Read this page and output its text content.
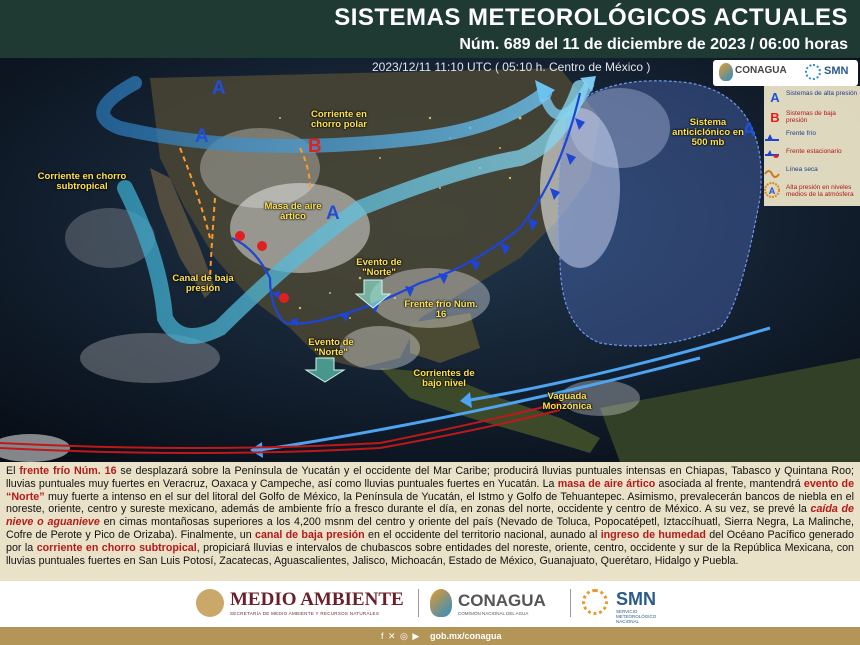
SISTEMAS METEOROLÓGICOS ACTUALES
Núm. 689 del 11 de diciembre de 2023 / 06:00 horas
2023/12/11 11:10 UTC ( 05:10 h. Centro de México )	CONAGUA	SMN
A Sistemas de alta presión
B Sistemas de baja presión
Frente frío
Frente estacionario
Línea seca
A Alta presión en niveles medios de la atmósfera
A
A
A
A
B
Corriente en chorro polar
Corriente en chorro subtropical
Masa de aire ártico
Canal de baja presión
Evento de "Norte"
Evento de "Norte"
Frente frío Núm. 16
Sistema anticiclónico en 500 mb
Corrientes de bajo nivel
Vaguada Monzónica

El frente frío Núm. 16 se desplazará sobre la Península de Yucatán y el occidente del Mar Caribe; producirá lluvias puntuales intensas en Chiapas, Tabasco y Quintana Roo; lluvias puntuales muy fuertes en Veracruz, Oaxaca y Campeche, así como lluvias puntuales fuertes en Yucatán. La masa de aire ártico asociada al frente, mantendrá evento de “Norte” muy fuerte a intenso en el sur del litoral del Golfo de México, la Península de Yucatán, el Istmo y Golfo de Tehuantepec. Asimismo, prevalecerán bancos de niebla en el noreste, oriente, centro y sureste mexicano, además de ambiente frío a fresco durante el día, en zonas del norte, occidente y centro de México. A su vez, se prevé la caída de nieve o aguanieve en cimas montañosas superiores a los 4,200 msnm del centro y oriente del país (Nevado de Toluca, Popocatépetl, Iztaccíhuatl, Sierra Negra, La Malinche, Cofre de Perote y Pico de Orizaba). Finalmente, un canal de baja presión en el occidente del territorio nacional, aunado al ingreso de humedad del Océano Pacífico generado por la corriente en chorro subtropical, propiciará lluvias e intervalos de chubascos sobre entidades del noreste, oriente, centro, occidente y sur de la República Mexicana, con lluvias puntuales fuertes en San Luis Potosí, Zacatecas, Aguascalientes, Jalisco, Michoacán, Estado de México, Guanajuato, Querétaro, Hidalgo y Puebla.

MEDIO AMBIENTE
SECRETARÍA DE MEDIO AMBIENTE Y RECURSOS NATURALES
CONAGUA
COMISIÓN NACIONAL DEL AGUA
SMN
SERVICIO METEOROLÓGICO NACIONAL
f ✕ ◎ ▶ gob.mx/conagua
